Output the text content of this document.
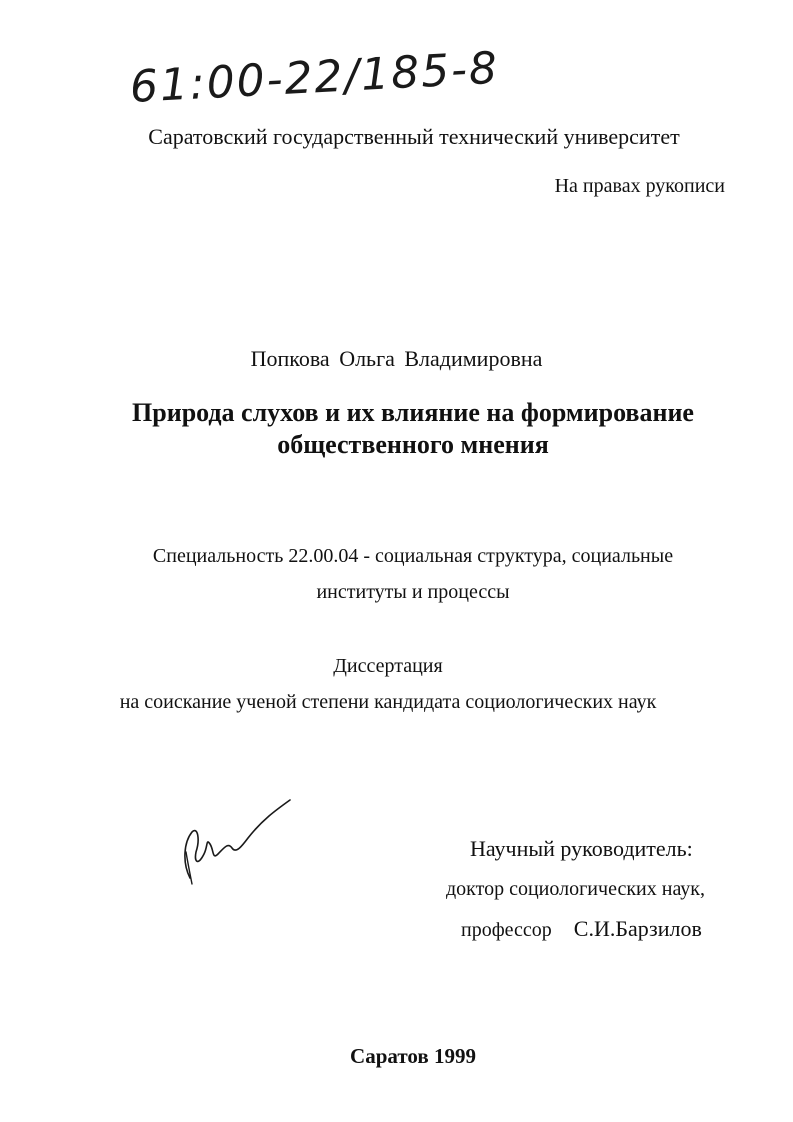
61:00-22/185-8
Саратовский государственный технический университет
На правах рукописи
Попкова Ольга Владимировна
Природа слухов и их влияние на формирование
общественного мнения
Специальность 22.00.04 - социальная структура, социальные
институты и процессы
Диссертация
на соискание ученой степени кандидата социологических наук
Научный руководитель:
доктор социологических наук,
профессор С.И.Барзилов
Саратов 1999
